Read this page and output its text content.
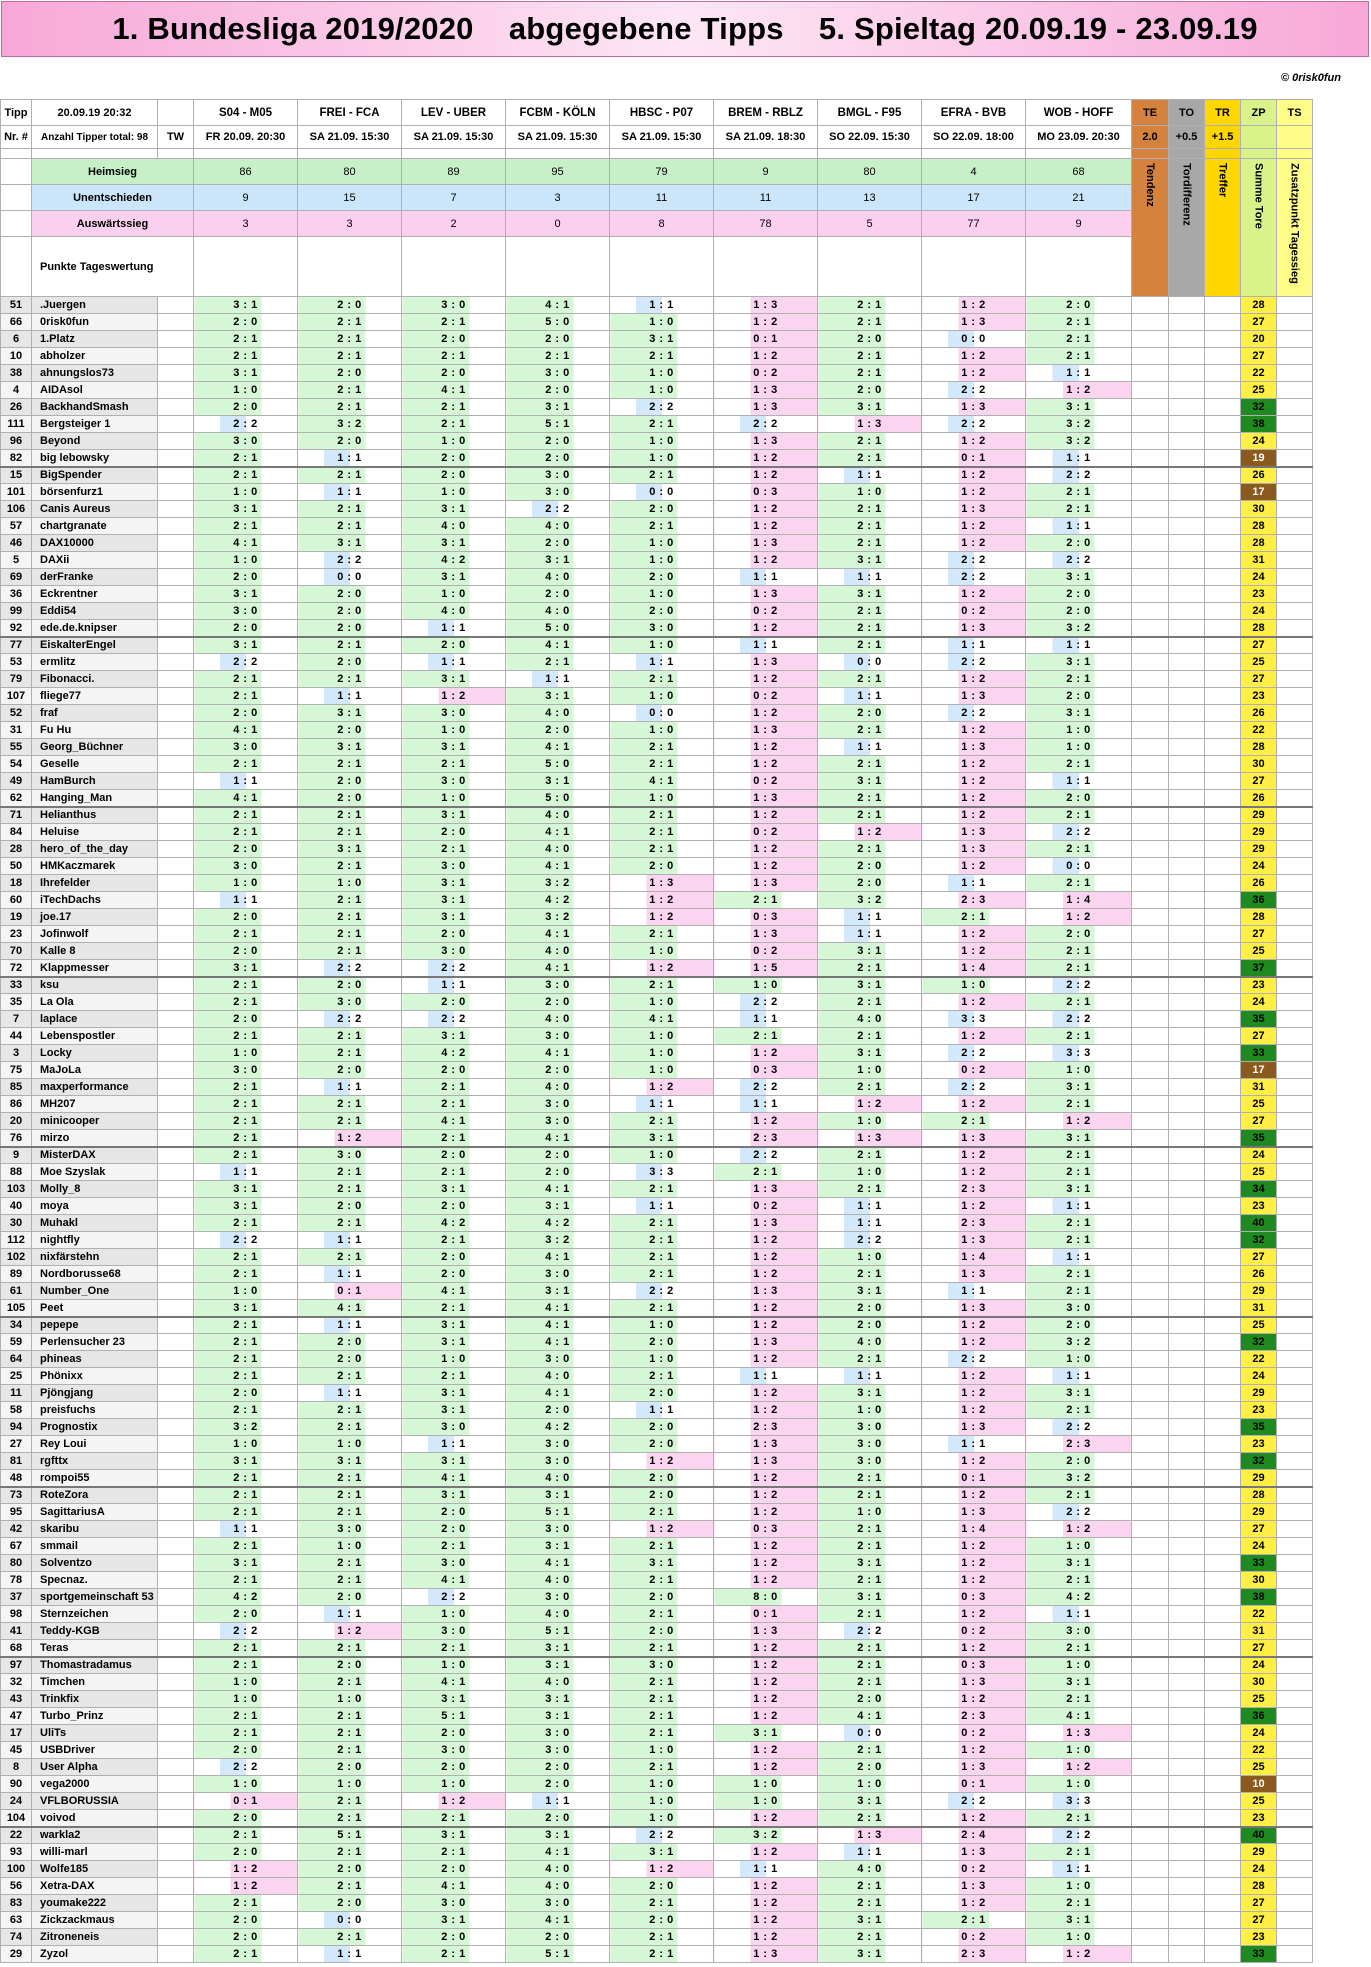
1. Bundesliga 2019/2020    abgegebene Tipps    5. Spieltag 20.09.19 - 23.09.19
© 0risk0fun
Tipp	20.09.19 20:32		S04 - M05	FREI - FCA	LEV - UBER	FCBM - KÖLN	HBSC - P07	BREM - RBLZ	BMGL - F95	EFRA - BVB	WOB - HOFF	TE	TO	TR	ZP	TS
Nr. #	Anzahl Tipper total: 98	TW	FR 20.09. 20:30	SA 21.09. 15:30	SA 21.09. 15:30	SA 21.09. 15:30	SA 21.09. 15:30	SA 21.09. 18:30	SO 22.09. 15:30	SO 22.09. 18:00	MO 23.09. 20:30	2.0	+0.5	+1.5		

	Heimsieg		86	80	89	95	79	9	80	4	68	Tendenz	Tordifferenz	Treffer	Summe Tore	Zusatzpunkt Tagessieg
	Unentschieden		9	15	7	3	11	11	13	17	21					
	Auswärtssieg		3	3	2	0	8	78	5	77	9					
	Punkte Tageswertung															
51	.Juergen		3 : 1	2 : 0	3 : 0	4 : 1	1 : 1	1 : 3	2 : 1	1 : 2	2 : 0				28	
66	0risk0fun		2 : 0	2 : 1	2 : 1	5 : 0	1 : 0	1 : 2	2 : 1	1 : 3	2 : 1				27	
6	1.Platz		2 : 1	2 : 1	2 : 0	2 : 0	3 : 1	0 : 1	2 : 0	0 : 0	2 : 1				20	
10	abholzer		2 : 1	2 : 1	2 : 1	2 : 1	2 : 1	1 : 2	2 : 1	1 : 2	2 : 1				27	
38	ahnungslos73		3 : 1	2 : 0	2 : 0	3 : 0	1 : 0	0 : 2	2 : 1	1 : 2	1 : 1				22	
4	AIDAsol		1 : 0	2 : 1	4 : 1	2 : 0	1 : 0	1 : 3	2 : 0	2 : 2	1 : 2				25	
26	BackhandSmash		2 : 0	2 : 1	2 : 1	3 : 1	2 : 2	1 : 3	3 : 1	1 : 3	3 : 1				32	
111	Bergsteiger 1		2 : 2	3 : 2	2 : 1	5 : 1	2 : 1	2 : 2	1 : 3	2 : 2	3 : 2				38	
96	Beyond		3 : 0	2 : 0	1 : 0	2 : 0	1 : 0	1 : 3	2 : 1	1 : 2	3 : 2				24	
82	big lebowsky		2 : 1	1 : 1	2 : 0	2 : 0	1 : 0	1 : 2	2 : 1	0 : 1	1 : 1				19	
15	BigSpender		2 : 1	2 : 1	2 : 0	3 : 0	2 : 1	1 : 2	1 : 1	1 : 2	2 : 2				26	
101	börsenfurz1		1 : 0	1 : 1	1 : 0	3 : 0	0 : 0	0 : 3	1 : 0	1 : 2	2 : 1				17	
106	Canis Aureus		3 : 1	2 : 1	3 : 1	2 : 2	2 : 0	1 : 2	2 : 1	1 : 3	2 : 1				30	
57	chartgranate		2 : 1	2 : 1	4 : 0	4 : 0	2 : 1	1 : 2	2 : 1	1 : 2	1 : 1				28	
46	DAX10000		4 : 1	3 : 1	3 : 1	2 : 0	1 : 0	1 : 3	2 : 1	1 : 2	2 : 0				28	
5	DAXii		1 : 0	2 : 2	4 : 2	3 : 1	1 : 0	1 : 2	3 : 1	2 : 2	2 : 2				31	
69	derFranke		2 : 0	0 : 0	3 : 1	4 : 0	2 : 0	1 : 1	1 : 1	2 : 2	3 : 1				24	
36	Eckrentner		3 : 1	2 : 0	1 : 0	2 : 0	1 : 0	1 : 3	3 : 1	1 : 2	2 : 0				23	
99	Eddi54		3 : 0	2 : 0	4 : 0	4 : 0	2 : 0	0 : 2	2 : 1	0 : 2	2 : 0				24	
92	ede.de.knipser		2 : 0	2 : 0	1 : 1	5 : 0	3 : 0	1 : 2	2 : 1	1 : 3	3 : 2				28	
77	EiskalterEngel		3 : 1	2 : 1	2 : 0	4 : 1	1 : 0	1 : 1	2 : 1	1 : 1	1 : 1				27	
53	ermlitz		2 : 2	2 : 0	1 : 1	2 : 1	1 : 1	1 : 3	0 : 0	2 : 2	3 : 1				25	
79	Fibonacci.		2 : 1	2 : 1	3 : 1	1 : 1	2 : 1	1 : 2	2 : 1	1 : 2	2 : 1				27	
107	fliege77		2 : 1	1 : 1	1 : 2	3 : 1	1 : 0	0 : 2	1 : 1	1 : 3	2 : 0				23	
52	fraf		2 : 0	3 : 1	3 : 0	4 : 0	0 : 0	1 : 2	2 : 0	2 : 2	3 : 1				26	
31	Fu Hu		4 : 1	2 : 0	1 : 0	2 : 0	1 : 0	1 : 3	2 : 1	1 : 2	1 : 0				22	
55	Georg_Büchner		3 : 0	3 : 1	3 : 1	4 : 1	2 : 1	1 : 2	1 : 1	1 : 3	1 : 0				28	
54	Geselle		2 : 1	2 : 1	2 : 1	5 : 0	2 : 1	1 : 2	2 : 1	1 : 2	2 : 1				30	
49	HamBurch		1 : 1	2 : 0	3 : 0	3 : 1	4 : 1	0 : 2	3 : 1	1 : 2	1 : 1				27	
62	Hanging_Man		4 : 1	2 : 0	1 : 0	5 : 0	1 : 0	1 : 3	2 : 1	1 : 2	2 : 0				26	
71	Helianthus		2 : 1	2 : 1	3 : 1	4 : 0	2 : 1	1 : 2	2 : 1	1 : 2	2 : 1				29	
84	Heluise		2 : 1	2 : 1	2 : 0	4 : 1	2 : 1	0 : 2	1 : 2	1 : 3	2 : 2				29	
28	hero_of_the_day		2 : 0	3 : 1	2 : 1	4 : 0	2 : 1	1 : 2	2 : 1	1 : 3	2 : 1				29	
50	HMKaczmarek		3 : 0	2 : 1	3 : 0	4 : 1	2 : 0	1 : 2	2 : 0	1 : 2	0 : 0				24	
18	Ihrefelder		1 : 0	1 : 0	3 : 1	3 : 2	1 : 3	1 : 3	2 : 0	1 : 1	2 : 1				26	
60	iTechDachs		1 : 1	2 : 1	3 : 1	4 : 2	1 : 2	2 : 1	3 : 2	2 : 3	1 : 4				36	
19	joe.17		2 : 0	2 : 1	3 : 1	3 : 2	1 : 2	0 : 3	1 : 1	2 : 1	1 : 2				28	
23	Jofinwolf		2 : 1	2 : 1	2 : 0	4 : 1	2 : 1	1 : 3	1 : 1	1 : 2	2 : 0				27	
70	Kalle 8		2 : 0	2 : 1	3 : 0	4 : 0	1 : 0	0 : 2	3 : 1	1 : 2	2 : 1				25	
72	Klappmesser		3 : 1	2 : 2	2 : 2	4 : 1	1 : 2	1 : 5	2 : 1	1 : 4	2 : 1				37	
33	ksu		2 : 1	2 : 0	1 : 1	3 : 0	2 : 1	1 : 0	3 : 1	1 : 0	2 : 2				23	
35	La Ola		2 : 1	3 : 0	2 : 0	2 : 0	1 : 0	2 : 2	2 : 1	1 : 2	2 : 1				24	
7	laplace		2 : 0	2 : 2	2 : 2	4 : 0	4 : 1	1 : 1	4 : 0	3 : 3	2 : 2				35	
44	Lebenspostler		2 : 1	2 : 1	3 : 1	3 : 0	1 : 0	2 : 1	2 : 1	1 : 2	2 : 1				27	
3	Locky		1 : 0	2 : 1	4 : 2	4 : 1	1 : 0	1 : 2	3 : 1	2 : 2	3 : 3				33	
75	MaJoLa		3 : 0	2 : 0	2 : 0	2 : 0	1 : 0	0 : 3	1 : 0	0 : 2	1 : 0				17	
85	maxperformance		2 : 1	1 : 1	2 : 1	4 : 0	1 : 2	2 : 2	2 : 1	2 : 2	3 : 1				31	
86	MH207		2 : 1	2 : 1	2 : 1	3 : 0	1 : 1	1 : 1	1 : 2	1 : 2	2 : 1				25	
20	minicooper		2 : 1	2 : 1	4 : 1	3 : 0	2 : 1	1 : 2	1 : 0	2 : 1	1 : 2				27	
76	mirzo		2 : 1	1 : 2	2 : 1	4 : 1	3 : 1	2 : 3	1 : 3	1 : 3	3 : 1				35	
9	MisterDAX		2 : 1	3 : 0	2 : 0	2 : 0	1 : 0	2 : 2	2 : 1	1 : 2	2 : 1				24	
88	Moe Szyslak		1 : 1	2 : 1	2 : 1	2 : 0	3 : 3	2 : 1	1 : 0	1 : 2	2 : 1				25	
103	Molly_8		3 : 1	2 : 1	3 : 1	4 : 1	2 : 1	1 : 3	2 : 1	2 : 3	3 : 1				34	
40	moya		3 : 1	2 : 0	2 : 0	3 : 1	1 : 1	0 : 2	1 : 1	1 : 2	1 : 1				23	
30	Muhakl		2 : 1	2 : 1	4 : 2	4 : 2	2 : 1	1 : 3	1 : 1	2 : 3	2 : 1				40	
112	nightfly		2 : 2	1 : 1	2 : 1	3 : 2	2 : 1	1 : 2	2 : 2	1 : 3	2 : 1				32	
102	nixfärstehn		2 : 1	2 : 1	2 : 0	4 : 1	2 : 1	1 : 2	1 : 0	1 : 4	1 : 1				27	
89	Nordborusse68		2 : 1	1 : 1	2 : 0	3 : 0	2 : 1	1 : 2	2 : 1	1 : 3	2 : 1				26	
61	Number_One		1 : 0	0 : 1	4 : 1	3 : 1	2 : 2	1 : 3	3 : 1	1 : 1	2 : 1				29	
105	Peet		3 : 1	4 : 1	2 : 1	4 : 1	2 : 1	1 : 2	2 : 0	1 : 3	3 : 0				31	
34	pepepe		2 : 1	1 : 1	3 : 1	4 : 1	1 : 0	1 : 2	2 : 0	1 : 2	2 : 0				25	
59	Perlensucher 23		2 : 1	2 : 0	3 : 1	4 : 1	2 : 0	1 : 3	4 : 0	1 : 2	3 : 2				32	
64	phineas		2 : 1	2 : 0	1 : 0	3 : 0	1 : 0	1 : 2	2 : 1	2 : 2	1 : 0				22	
25	Phönixx		2 : 1	2 : 1	2 : 1	4 : 0	2 : 1	1 : 1	1 : 1	1 : 2	1 : 1				24	
11	Pjöngjang		2 : 0	1 : 1	3 : 1	4 : 1	2 : 0	1 : 2	3 : 1	1 : 2	3 : 1				29	
58	preisfuchs		2 : 1	2 : 1	3 : 1	2 : 0	1 : 1	1 : 2	1 : 0	1 : 2	2 : 1				23	
94	Prognostix		3 : 2	2 : 1	3 : 0	4 : 2	2 : 0	2 : 3	3 : 0	1 : 3	2 : 2				35	
27	Rey Loui		1 : 0	1 : 0	1 : 1	3 : 0	2 : 0	1 : 3	3 : 0	1 : 1	2 : 3				23	
81	rgfttx		3 : 1	3 : 1	3 : 1	3 : 0	1 : 2	1 : 3	3 : 0	1 : 2	2 : 0				32	
48	rompoi55		2 : 1	2 : 1	4 : 1	4 : 0	2 : 0	1 : 2	2 : 1	0 : 1	3 : 2				29	
73	RoteZora		2 : 1	2 : 1	3 : 1	3 : 1	2 : 0	1 : 2	2 : 1	1 : 2	2 : 1				28	
95	SagittariusA		2 : 1	2 : 1	2 : 0	5 : 1	2 : 1	1 : 2	1 : 0	1 : 3	2 : 2				29	
42	skaribu		1 : 1	3 : 0	2 : 0	3 : 0	1 : 2	0 : 3	2 : 1	1 : 4	1 : 2				27	
67	smmail		2 : 1	1 : 0	2 : 1	3 : 1	2 : 1	1 : 2	2 : 1	1 : 2	1 : 0				24	
80	Solventzo		3 : 1	2 : 1	3 : 0	4 : 1	3 : 1	1 : 2	3 : 1	1 : 2	3 : 1				33	
78	Specnaz.		2 : 1	2 : 1	4 : 1	4 : 0	2 : 1	1 : 2	2 : 1	1 : 2	2 : 1				30	
37	sportgemeinschaft 53		4 : 2	2 : 0	2 : 2	3 : 0	2 : 0	8 : 0	3 : 1	0 : 3	4 : 2				38	
98	Sternzeichen		2 : 0	1 : 1	1 : 0	4 : 0	2 : 1	0 : 1	2 : 1	1 : 2	1 : 1				22	
41	Teddy-KGB		2 : 2	1 : 2	3 : 0	5 : 1	2 : 0	1 : 3	2 : 2	0 : 2	3 : 0				31	
68	Teras		2 : 1	2 : 1	2 : 1	3 : 1	2 : 1	1 : 2	2 : 1	1 : 2	2 : 1				27	
97	Thomastradamus		2 : 1	2 : 0	1 : 0	3 : 1	3 : 0	1 : 2	2 : 1	0 : 3	1 : 0				24	
32	Timchen		1 : 0	2 : 1	4 : 1	4 : 0	2 : 1	1 : 2	2 : 1	1 : 3	3 : 1				30	
43	Trinkfix		1 : 0	1 : 0	3 : 1	3 : 1	2 : 1	1 : 2	2 : 0	1 : 2	2 : 1				25	
47	Turbo_Prinz		2 : 1	2 : 1	5 : 1	3 : 1	2 : 1	1 : 2	4 : 1	2 : 3	4 : 1				36	
17	UliTs		2 : 1	2 : 1	2 : 0	3 : 0	2 : 1	3 : 1	0 : 0	0 : 2	1 : 3				24	
45	USBDriver		2 : 0	2 : 1	3 : 0	3 : 0	1 : 0	1 : 2	2 : 1	1 : 2	1 : 0				22	
8	User Alpha		2 : 2	2 : 0	2 : 0	2 : 0	2 : 1	1 : 2	2 : 0	1 : 3	1 : 2				25	
90	vega2000		1 : 0	1 : 0	1 : 0	2 : 0	1 : 0	1 : 0	1 : 0	0 : 1	1 : 0				10	
24	VFLBORUSSIA		0 : 1	2 : 1	1 : 2	1 : 1	1 : 0	1 : 0	3 : 1	2 : 2	3 : 3				25	
104	voivod		2 : 0	2 : 1	2 : 1	2 : 0	1 : 0	1 : 2	2 : 1	1 : 2	2 : 1				23	
22	warkla2		2 : 1	5 : 1	3 : 1	3 : 1	2 : 2	3 : 2	1 : 3	2 : 4	2 : 2				40	
93	willi-marl		2 : 0	2 : 1	2 : 1	4 : 1	3 : 1	1 : 2	1 : 1	1 : 3	2 : 1				29	
100	Wolfe185		1 : 2	2 : 0	2 : 0	4 : 0	1 : 2	1 : 1	4 : 0	0 : 2	1 : 1				24	
56	Xetra-DAX		1 : 2	2 : 1	4 : 1	4 : 0	2 : 0	1 : 2	2 : 1	1 : 3	1 : 0				28	
83	youmake222		2 : 1	2 : 0	3 : 0	3 : 0	2 : 1	1 : 2	2 : 1	1 : 2	2 : 1				27	
63	Zickzackmaus		2 : 0	0 : 0	3 : 1	4 : 1	2 : 0	1 : 2	3 : 1	2 : 1	3 : 1				27	
74	Zitroneneis		2 : 0	2 : 1	2 : 0	2 : 0	2 : 1	1 : 2	2 : 1	0 : 2	1 : 0				23	
29	Zyzol		2 : 1	1 : 1	2 : 1	5 : 1	2 : 1	1 : 3	3 : 1	2 : 3	1 : 2				33	
